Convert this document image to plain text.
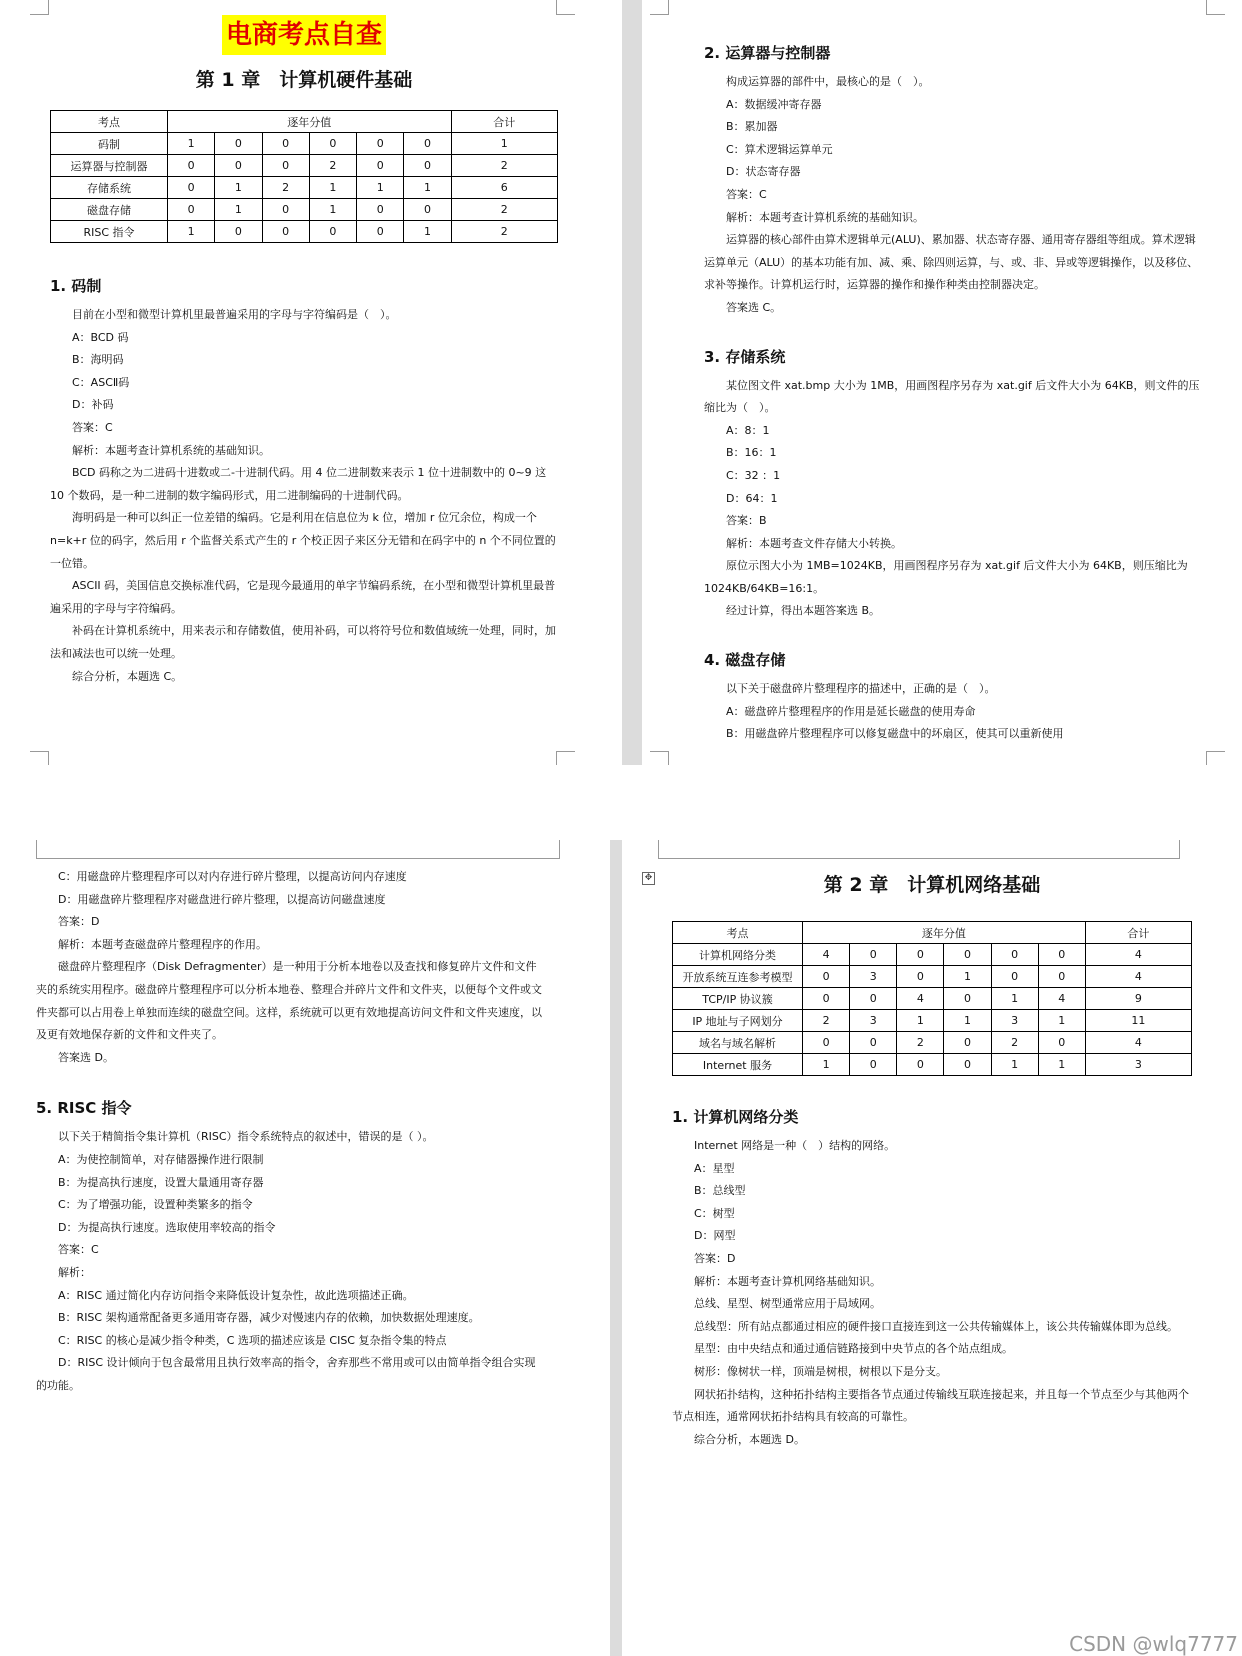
电商考点自查
第 1 章　计算机硬件基础
考点	逐年分值						合计
码制	1	0	0	0	0	0	1
运算器与控制器	0	0	0	2	0	0	2
存储系统	0	1	2	1	1	1	6
磁盘存储	0	1	0	1	0	0	2
RISC 指令	1	0	0	0	0	1	2
1. 码制

目前在小型和微型计算机里最普遍采用的字母与字符编码是（　）。

A：BCD 码

B：海明码

C：ASCⅡ码

D：补码

答案：C

解析：本题考查计算机系统的基础知识。

BCD 码称之为二进码十进数或二-十进制代码。用 4 位二进制数来表示 1 位十进制数中的 0~9 这 10 个数码，是一种二进制的数字编码形式，用二进制编码的十进制代码。

海明码是一种可以纠正一位差错的编码。它是利用在信息位为 k 位，增加 r 位冗余位，构成一个 n=k+r 位的码字，然后用 r 个监督关系式产生的 r 个校正因子来区分无错和在码字中的 n 个不同位置的一位错。

ASCII 码，美国信息交换标准代码，它是现今最通用的单字节编码系统，在小型和微型计算机里最普遍采用的字母与字符编码。

补码在计算机系统中，用来表示和存储数值，使用补码，可以将符号位和数值域统一处理，同时，加法和减法也可以统一处理。

综合分析，本题选 C。

2. 运算器与控制器

构成运算器的部件中，最核心的是（　）。

A：数据缓冲寄存器

B：累加器

C：算术逻辑运算单元

D：状态寄存器

答案：C

解析：本题考查计算机系统的基础知识。

运算器的核心部件由算术逻辑单元(ALU)、累加器、状态寄存器、通用寄存器组等组成。算术逻辑运算单元（ALU）的基本功能有加、减、乘、除四则运算，与、或、非、异或等逻辑操作，以及移位、求补等操作。计算机运行时，运算器的操作和操作种类由控制器决定。

答案选 C。

3. 存储系统

某位图文件 xat.bmp 大小为 1MB，用画图程序另存为 xat.gif 后文件大小为 64KB，则文件的压缩比为（　）。

A：8：1

B：16：1

C：32 ：1

D：64：1

答案：B

解析：本题考查文件存储大小转换。

原位示图大小为 1MB=1024KB，用画图程序另存为 xat.gif 后文件大小为 64KB，则压缩比为 1024KB/64KB=16:1。

经过计算，得出本题答案选 B。

4. 磁盘存储

以下关于磁盘碎片整理程序的描述中，正确的是（　）。

A：磁盘碎片整理程序的作用是延长磁盘的使用寿命

B：用磁盘碎片整理程序可以修复磁盘中的坏扇区，使其可以重新使用

C：用磁盘碎片整理程序可以对内存进行碎片整理，以提高访问内存速度

D：用磁盘碎片整理程序对磁盘进行碎片整理，以提高访问磁盘速度

答案：D

解析：本题考查磁盘碎片整理程序的作用。

磁盘碎片整理程序（Disk Defragmenter）是一种用于分析本地卷以及查找和修复碎片文件和文件夹的系统实用程序。磁盘碎片整理程序可以分析本地卷、整理合并碎片文件和文件夹，以便每个文件或文件夹都可以占用卷上单独而连续的磁盘空间。这样，系统就可以更有效地提高访问文件和文件夹速度，以及更有效地保存新的文件和文件夹了。

答案选 D。

5. RISC 指令

以下关于精简指令集计算机（RISC）指令系统特点的叙述中，错误的是（ ）。

A：为使控制简单，对存储器操作进行限制

B：为提高执行速度，设置大量通用寄存器

C：为了增强功能，设置种类繁多的指令

D：为提高执行速度。选取使用率较高的指令

答案：C

解析：

A：RISC 通过简化内存访问指令来降低设计复杂性，故此选项描述正确。

B：RISC 架构通常配备更多通用寄存器，减少对慢速内存的依赖，加快数据处理速度。

C：RISC 的核心是减少指令种类，C 选项的描述应该是 CISC 复杂指令集的特点

D：RISC 设计倾向于包含最常用且执行效率高的指令，舍弃那些不常用或可以由简单指令组合实现的功能。

✥	第 2 章　计算机网络基础
考点	逐年分值						合计
计算机网络分类	4	0	0	0	0	0	4
开放系统互连参考模型	0	3	0	1	0	0	4
TCP/IP 协议簇	0	0	4	0	1	4	9
IP 地址与子网划分	2	3	1	1	3	1	11
域名与域名解析	0	0	2	0	2	0	4
Internet 服务	1	0	0	0	1	1	3
1. 计算机网络分类

Internet 网络是一种（　）结构的网络。

A：星型

B：总线型

C：树型

D：网型

答案：D

解析：本题考查计算机网络基础知识。

总线、星型、树型通常应用于局域网。

总线型：所有站点都通过相应的硬件接口直接连到这一公共传输媒体上，该公共传输媒体即为总线。

星型：由中央结点和通过通信链路接到中央节点的各个站点组成。

树形：像树状一样，顶端是树根，树根以下是分支。

网状拓扑结构，这种拓扑结构主要指各节点通过传输线互联连接起来，并且每一个节点至少与其他两个节点相连，通常网状拓扑结构具有较高的可靠性。

综合分析，本题选 D。

CSDN @wlq7777
